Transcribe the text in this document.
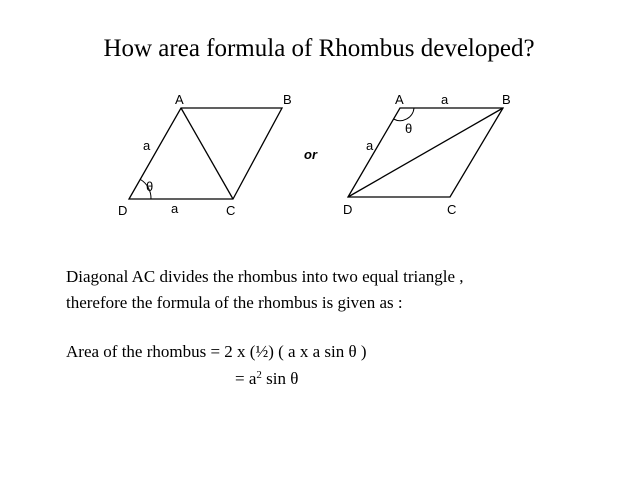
How area formula of Rhombus developed?
A	B
C
D
a
a
θ
or
A	B
C
D
a
a
θ
Diagonal AC divides the rhombus into two equal triangle ,
therefore the formula of the rhombus is given as :
Area of the rhombus = 2 x (½) ( a x a sin θ )
= $a^2$ sin θ
